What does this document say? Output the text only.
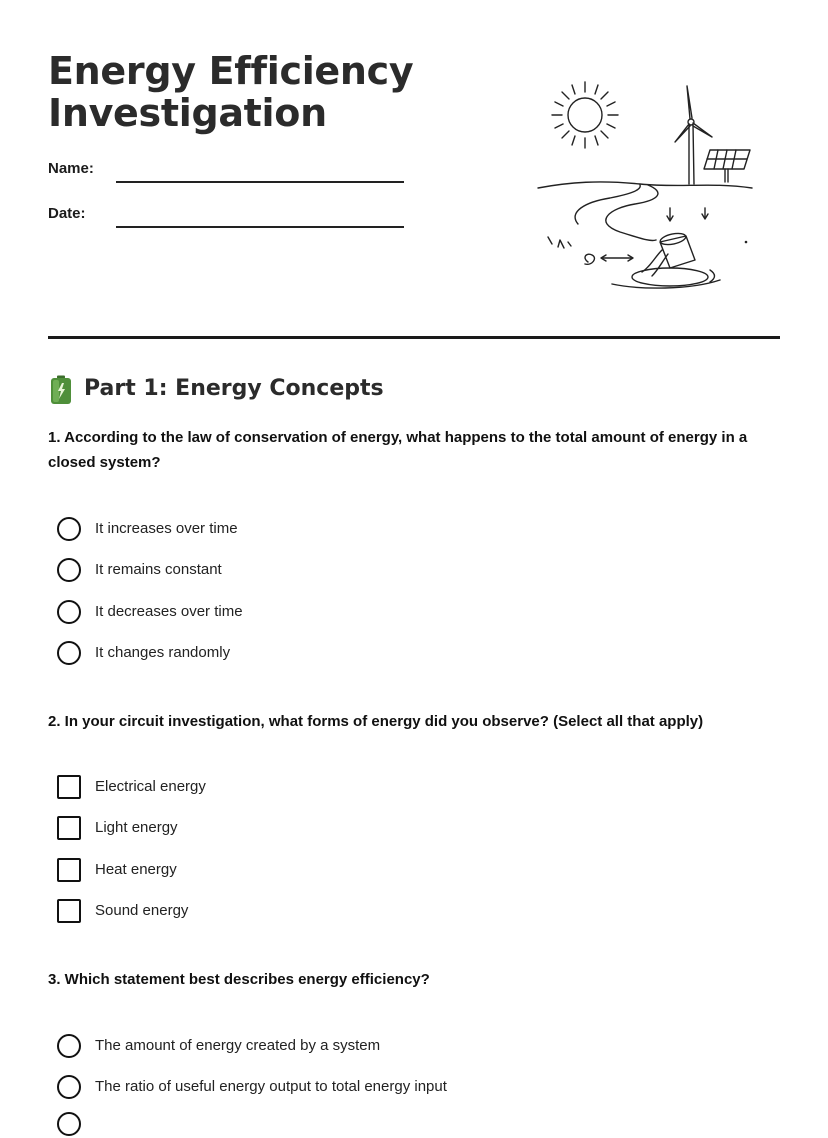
Energy Efficiency
Investigation
Name:
Date:
Part 1: Energy Concepts

1. According to the law of conservation of energy, what happens to the total amount of energy in a closed system?

It increases over time
It remains constant
It decreases over time
It changes randomly

2. In your circuit investigation, what forms of energy did you observe? (Select all that apply)

Electrical energy
Light energy
Heat energy
Sound energy

3. Which statement best describes energy efficiency?

The amount of energy created by a system
The ratio of useful energy output to total energy input
